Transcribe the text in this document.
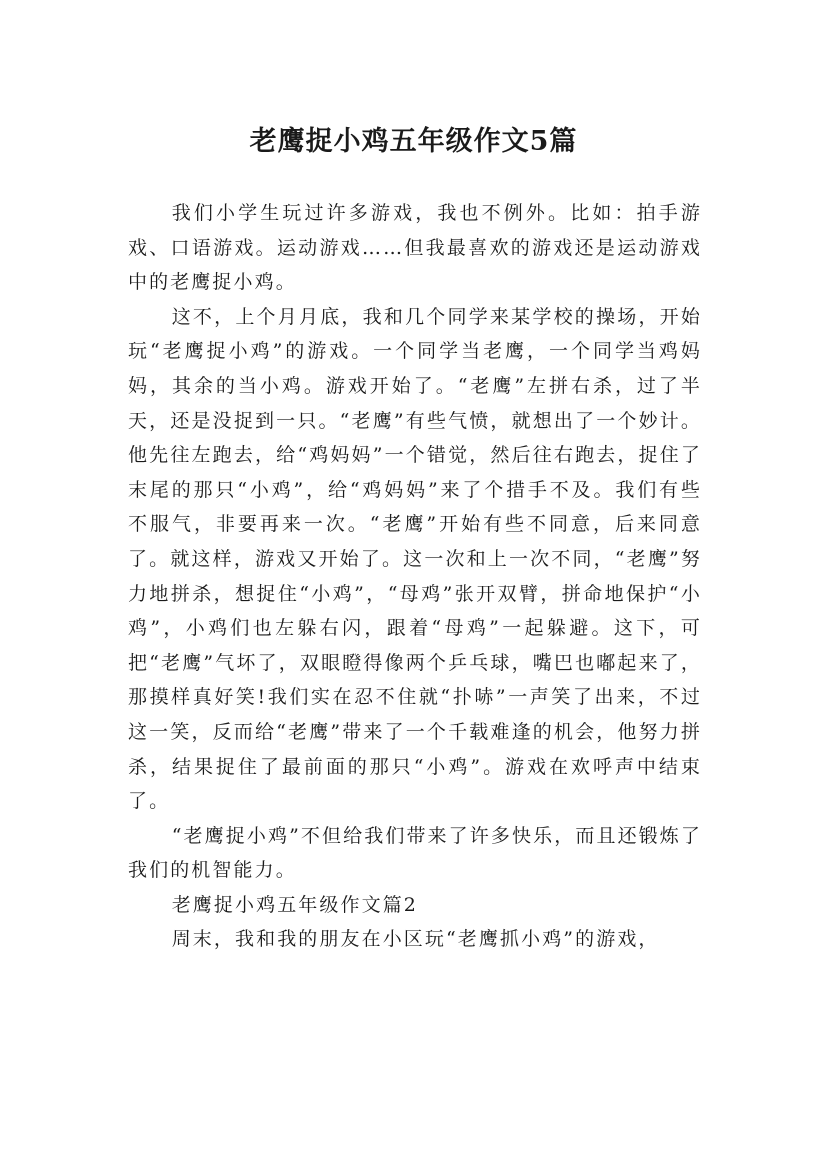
老鹰捉小鸡五年级作文5篇

我们小学生玩过许多游戏，我也不例外。比如：拍手游戏、口语游戏。运动游戏……但我最喜欢的游戏还是运动游戏中的老鹰捉小鸡。

这不，上个月月底，我和几个同学来某学校的操场，开始玩“老鹰捉小鸡”的游戏。一个同学当老鹰，一个同学当鸡妈妈，其余的当小鸡。游戏开始了。“老鹰”左拼右杀，过了半天，还是没捉到一只。“老鹰”有些气愤，就想出了一个妙计。他先往左跑去，给“鸡妈妈”一个错觉，然后往右跑去，捉住了末尾的那只“小鸡”，给“鸡妈妈”来了个措手不及。我们有些不服气，非要再来一次。“老鹰”开始有些不同意，后来同意了。就这样，游戏又开始了。这一次和上一次不同，“老鹰”努力地拼杀，想捉住“小鸡”，“母鸡”张开双臂，拼命地保护“小鸡”，小鸡们也左躲右闪，跟着“母鸡”一起躲避。这下，可把“老鹰”气坏了，双眼瞪得像两个乒乓球，嘴巴也嘟起来了，那摸样真好笑!我们实在忍不住就“扑哧”一声笑了出来，不过这一笑，反而给“老鹰”带来了一个千载难逢的机会，他努力拼杀，结果捉住了最前面的那只“小鸡”。游戏在欢呼声中结束了。

“老鹰捉小鸡”不但给我们带来了许多快乐，而且还锻炼了我们的机智能力。

老鹰捉小鸡五年级作文篇2

周末，我和我的朋友在小区玩“老鹰抓小鸡”的游戏，
